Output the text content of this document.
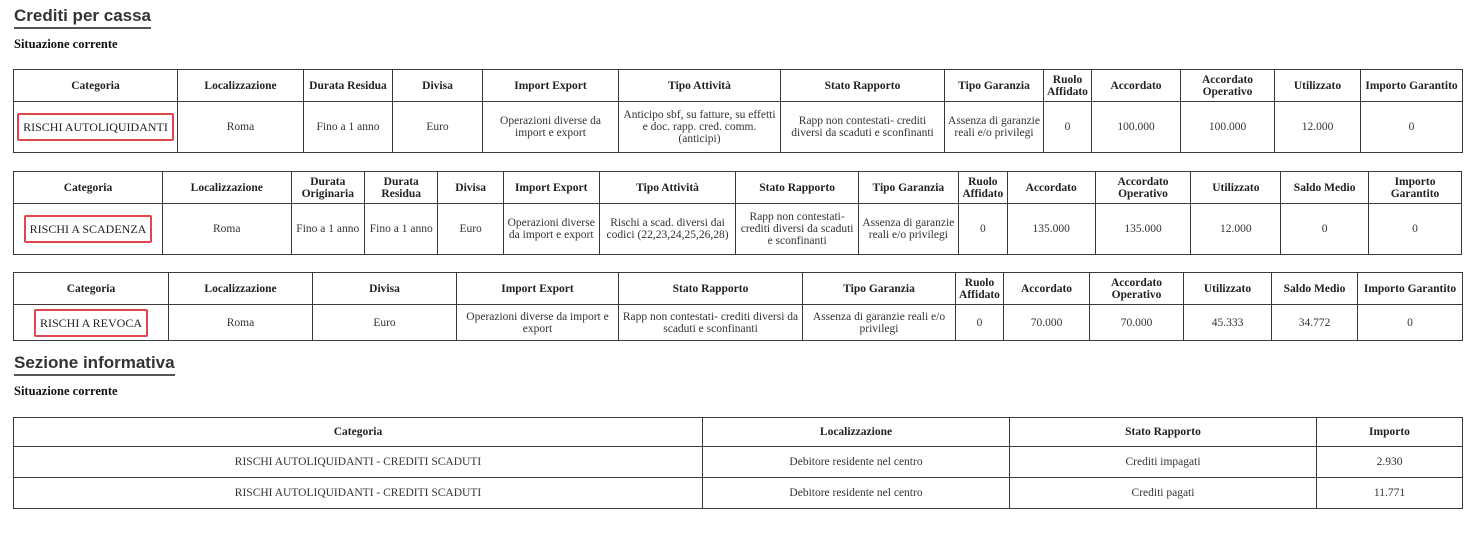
Crediti per cassa
Situazione corrente
Categoria	Localizzazione	Durata Residua	Divisa	Import Export	Tipo Attività	Stato Rapporto	Tipo Garanzia	Ruolo Affidato	Accordato	Accordato Operativo	Utilizzato	Importo Garantito
RISCHI AUTOLIQUIDANTI	Roma	Fino a 1 anno	Euro	Operazioni diverse da import e export	Anticipo sbf, su fatture, su effetti e doc. rapp. cred. comm. (anticipi)	Rapp non contestati- crediti diversi da scaduti e sconfinanti	Assenza di garanzie reali e/o privilegi	0	100.000	100.000	12.000	0
Categoria	Localizzazione	Durata Originaria	Durata Residua	Divisa	Import Export	Tipo Attività	Stato Rapporto	Tipo Garanzia	Ruolo Affidato	Accordato	Accordato Operativo	Utilizzato	Saldo Medio	Importo Garantito
RISCHI A SCADENZA	Roma	Fino a 1 anno	Fino a 1 anno	Euro	Operazioni diverse da import e export	Rischi a scad. diversi dai codici (22,23,24,25,26,28)	Rapp non contestati- crediti diversi da scaduti e sconfinanti	Assenza di garanzie reali e/o privilegi	0	135.000	135.000	12.000	0	0
Categoria	Localizzazione	Divisa	Import Export	Stato Rapporto	Tipo Garanzia	Ruolo Affidato	Accordato	Accordato Operativo	Utilizzato	Saldo Medio	Importo Garantito
RISCHI A REVOCA	Roma	Euro	Operazioni diverse da import e export	Rapp non contestati- crediti diversi da scaduti e sconfinanti	Assenza di garanzie reali e/o privilegi	0	70.000	70.000	45.333	34.772	0
Sezione informativa
Situazione corrente
Categoria	Localizzazione	Stato Rapporto	Importo
RISCHI AUTOLIQUIDANTI - CREDITI SCADUTI	Debitore residente nel centro	Crediti impagati	2.930
RISCHI AUTOLIQUIDANTI - CREDITI SCADUTI	Debitore residente nel centro	Crediti pagati	11.771
